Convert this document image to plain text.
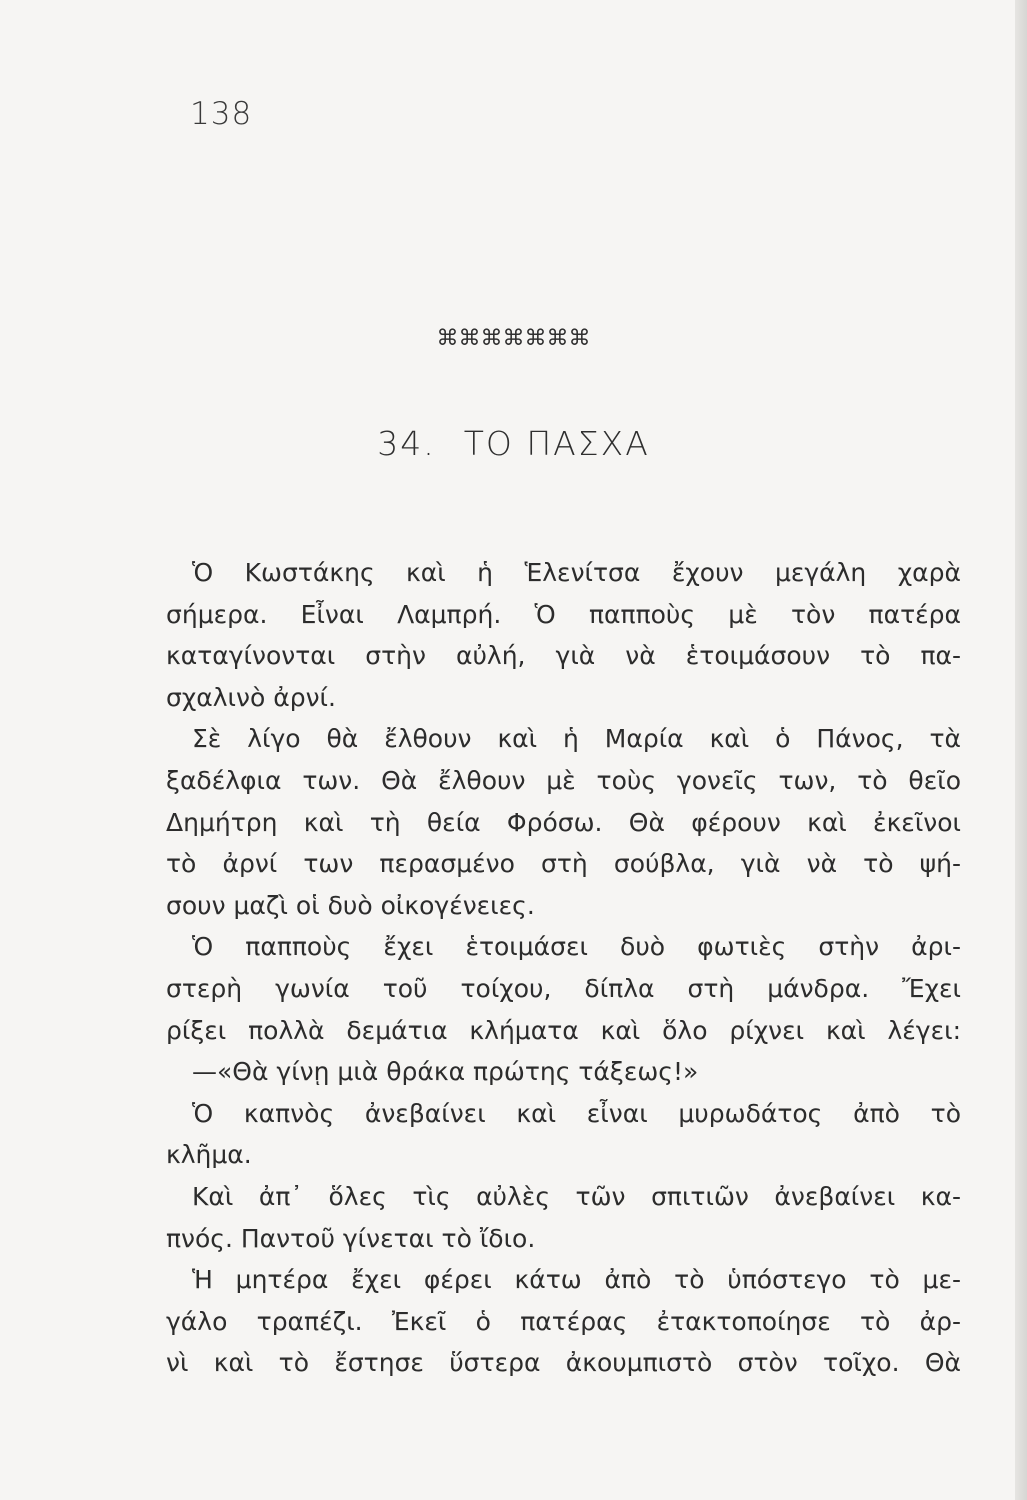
138
⌘⌘⌘⌘⌘⌘⌘
34. ΤΟ ΠΑΣΧΑ
Ὁ Κωστάκης καὶ ἡ Ἑλενίτσα ἔχουν μεγάλη χαρὰ
σήμερα. Εἶναι Λαμπρή. Ὁ παπποὺς μὲ τὸν πατέρα
καταγίνονται στὴν αὐλή, γιὰ νὰ ἑτοιμάσουν τὸ πα-
σχαλινὸ ἀρνί.
Σὲ λίγο θὰ ἔλθουν καὶ ἡ Μαρία καὶ ὁ Πάνος, τὰ
ξαδέλφια των. Θὰ ἔλθουν μὲ τοὺς γονεῖς των, τὸ θεῖο
Δημήτρη καὶ τὴ θεία Φρόσω. Θὰ φέρουν καὶ ἐκεῖνοι
τὸ ἀρνί των περασμένο στὴ σούβλα, γιὰ νὰ τὸ ψή-
σουν μαζὶ οἱ δυὸ οἰκογένειες.
Ὁ παπποὺς ἔχει ἑτοιμάσει δυὸ φωτιὲς στὴν ἀρι-
στερὴ γωνία τοῦ τοίχου, δίπλα στὴ μάνδρα. Ἔχει
ρίξει πολλὰ δεμάτια κλήματα καὶ ὅλο ρίχνει καὶ λέγει:
—«Θὰ γίνῃ μιὰ θράκα πρώτης τάξεως!»
Ὁ καπνὸς ἀνεβαίνει καὶ εἶναι μυρωδάτος ἀπὸ τὸ
κλῆμα.
Καὶ ἀπ᾽ ὅλες τὶς αὐλὲς τῶν σπιτιῶν ἀνεβαίνει κα-
πνός. Παντοῦ γίνεται τὸ ἴδιο.
Ἡ μητέρα ἔχει φέρει κάτω ἀπὸ τὸ ὑπόστεγο τὸ με-
γάλο τραπέζι. Ἐκεῖ ὁ πατέρας ἐτακτοποίησε τὸ ἀρ-
νὶ καὶ τὸ ἔστησε ὕστερα ἀκουμπιστὸ στὸν τοῖχο. Θὰ
